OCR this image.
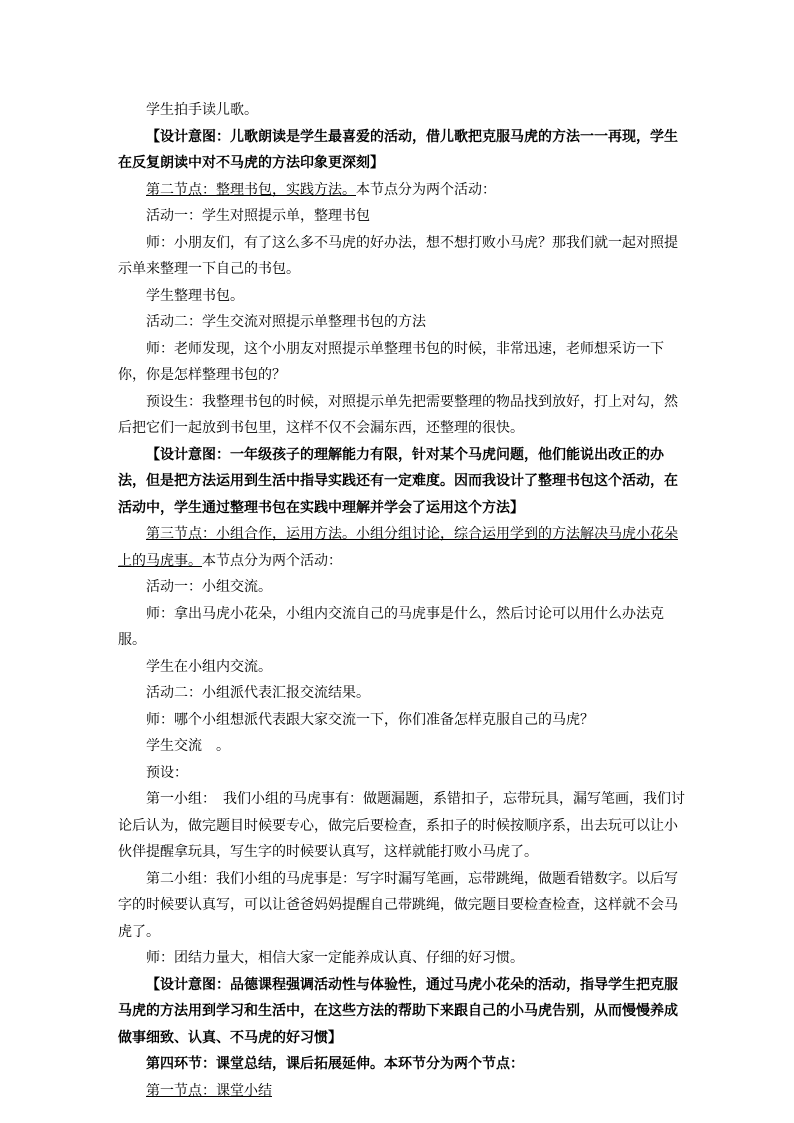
学生拍手读儿歌。

【设计意图：儿歌朗读是学生最喜爱的活动，借儿歌把克服马虎的方法一一再现，学生在反复朗读中对不马虎的方法印象更深刻】

第二节点：整理书包，实践方法。本节点分为两个活动：

活动一：学生对照提示单，整理书包

师：小朋友们，有了这么多不马虎的好办法，想不想打败小马虎？那我们就一起对照提示单来整理一下自己的书包。

学生整理书包。

活动二：学生交流对照提示单整理书包的方法

师：老师发现，这个小朋友对照提示单整理书包的时候，非常迅速，老师想采访一下你，你是怎样整理书包的？

预设生：我整理书包的时候，对照提示单先把需要整理的物品找到放好，打上对勾，然后把它们一起放到书包里，这样不仅不会漏东西，还整理的很快。

【设计意图：一年级孩子的理解能力有限，针对某个马虎问题，他们能说出改正的办法，但是把方法运用到生活中指导实践还有一定难度。因而我设计了整理书包这个活动，在活动中，学生通过整理书包在实践中理解并学会了运用这个方法】

第三节点：小组合作，运用方法。小组分组讨论，综合运用学到的方法解决马虎小花朵上的马虎事。本节点分为两个活动：

活动一：小组交流。

师：拿出马虎小花朵，小组内交流自己的马虎事是什么，然后讨论可以用什么办法克服。

学生在小组内交流。

活动二：小组派代表汇报交流结果。

师：哪个小组想派代表跟大家交流一下，你们准备怎样克服自己的马虎？

学生交流　。

预设：

第一小组：　我们小组的马虎事有：做题漏题，系错扣子，忘带玩具，漏写笔画，我们讨论后认为，做完题目时候要专心，做完后要检查，系扣子的时候按顺序系，出去玩可以让小伙伴提醒拿玩具，写生字的时候要认真写，这样就能打败小马虎了。

第二小组：我们小组的马虎事是：写字时漏写笔画，忘带跳绳，做题看错数字。以后写字的时候要认真写，可以让爸爸妈妈提醒自己带跳绳，做完题目要检查检查，这样就不会马虎了。

师：团结力量大，相信大家一定能养成认真、仔细的好习惯。

【设计意图：品德课程强调活动性与体验性，通过马虎小花朵的活动，指导学生把克服马虎的方法用到学习和生活中，在这些方法的帮助下来跟自己的小马虎告别，从而慢慢养成做事细致、认真、不马虎的好习惯】

第四环节：课堂总结，课后拓展延伸。本环节分为两个节点：

第一节点：课堂小结
